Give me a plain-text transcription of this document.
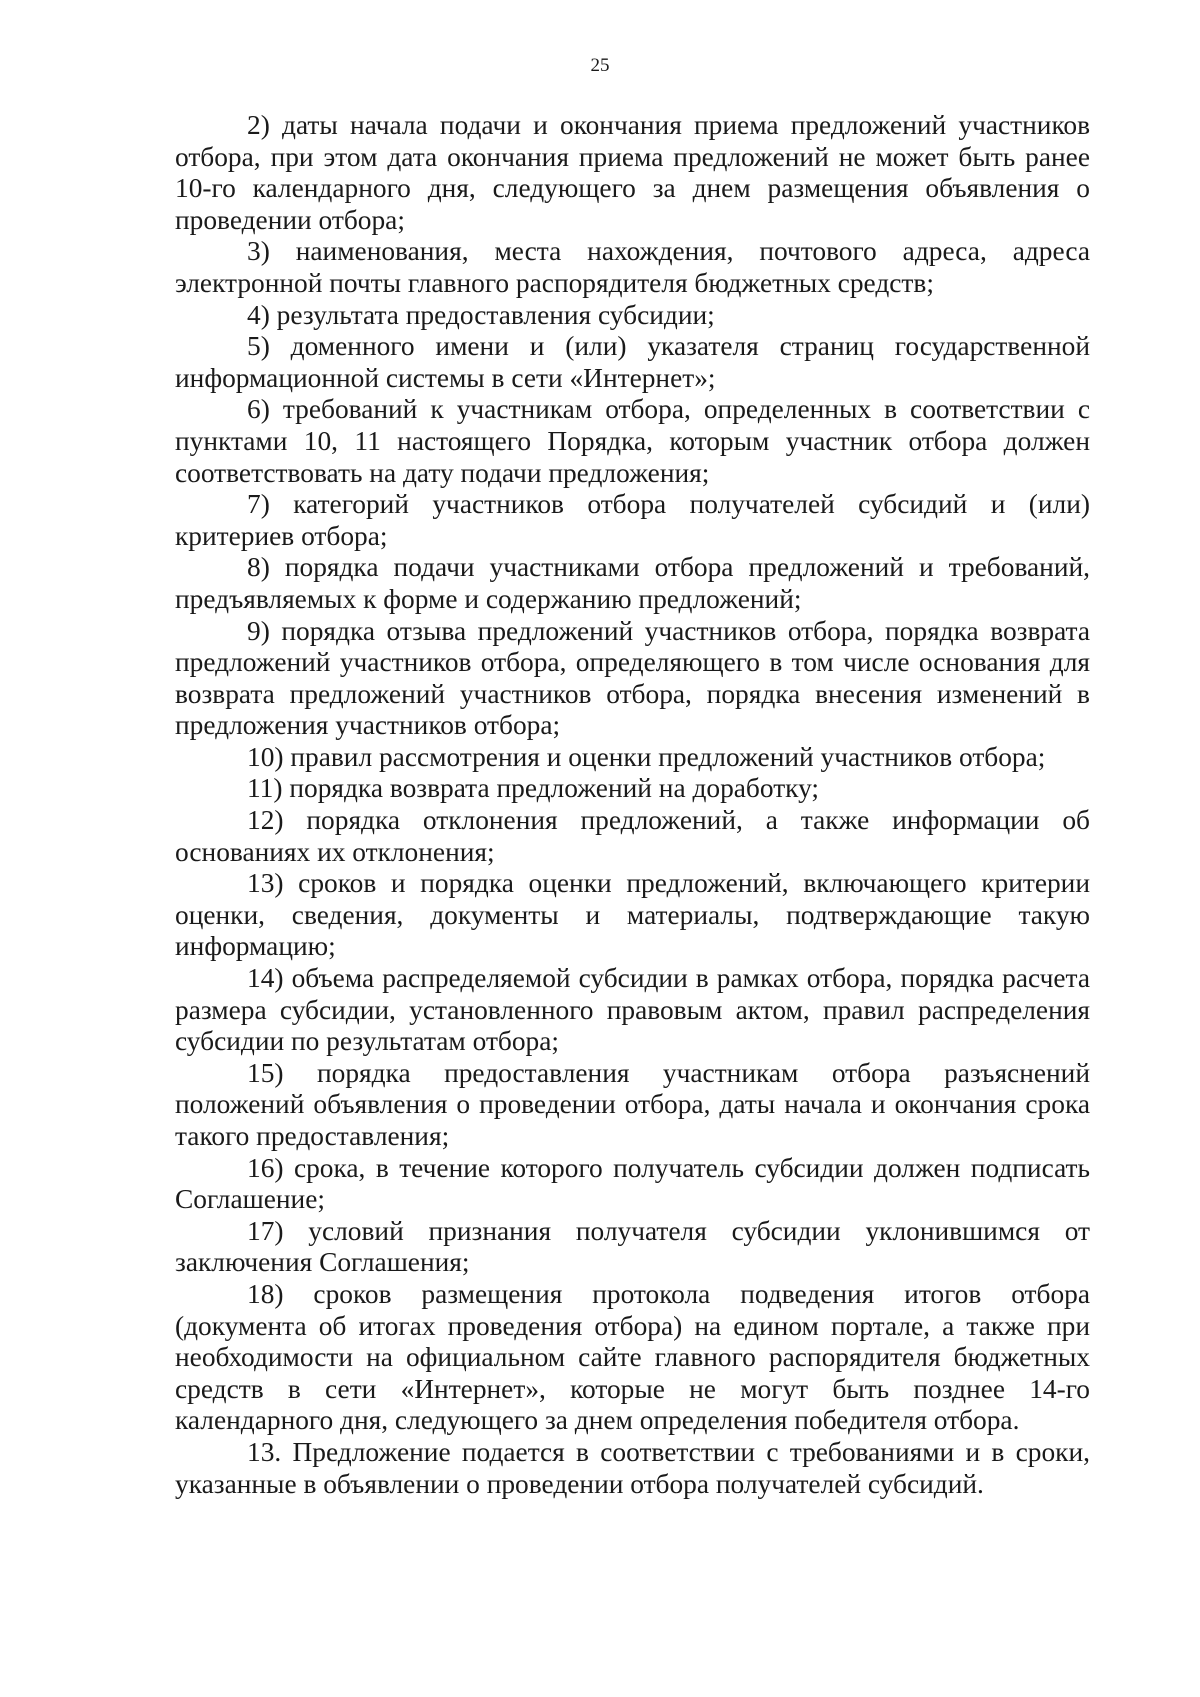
25

2) даты начала подачи и окончания приема предложений участников отбора, при этом дата окончания приема предложений не может быть ранее 10-го календарного дня, следующего за днем размещения объявления о проведении отбора;

3) наименования, места нахождения, почтового адреса, адреса электронной почты главного распорядителя бюджетных средств;

4) результата предоставления субсидии;

5) доменного имени и (или) указателя страниц государственной информационной системы в сети «Интернет»;

6) требований к участникам отбора, определенных в соответствии с пунктами 10, 11 настоящего Порядка, которым участник отбора должен соответствовать на дату подачи предложения;

7) категорий участников отбора получателей субсидий и (или) критериев отбора;

8) порядка подачи участниками отбора предложений и требований, предъявляемых к форме и содержанию предложений;

9) порядка отзыва предложений участников отбора, порядка возврата предложений участников отбора, определяющего в том числе основания для возврата предложений участников отбора, порядка внесения изменений в предложения участников отбора;

10) правил рассмотрения и оценки предложений участников отбора;

11) порядка возврата предложений на доработку;

12) порядка отклонения предложений, а также информации об основаниях их отклонения;

13) сроков и порядка оценки предложений, включающего критерии оценки, сведения, документы и материалы, подтверждающие такую информацию;

14) объема распределяемой субсидии в рамках отбора, порядка расчета размера субсидии, установленного правовым актом, правил распределения субсидии по результатам отбора;

15) порядка предоставления участникам отбора разъяснений положений объявления о проведении отбора, даты начала и окончания срока такого предоставления;

16) срока, в течение которого получатель субсидии должен подписать Соглашение;

17) условий признания получателя субсидии уклонившимся от заключения Соглашения;

18) сроков размещения протокола подведения итогов отбора (документа об итогах проведения отбора) на едином портале, а также при необходимости на официальном сайте главного распорядителя бюджетных средств в сети «Интернет», которые не могут быть позднее 14-го календарного дня, следующего за днем определения победителя отбора.

13. Предложение подается в соответствии с требованиями и в сроки, указанные в объявлении о проведении отбора получателей субсидий.
